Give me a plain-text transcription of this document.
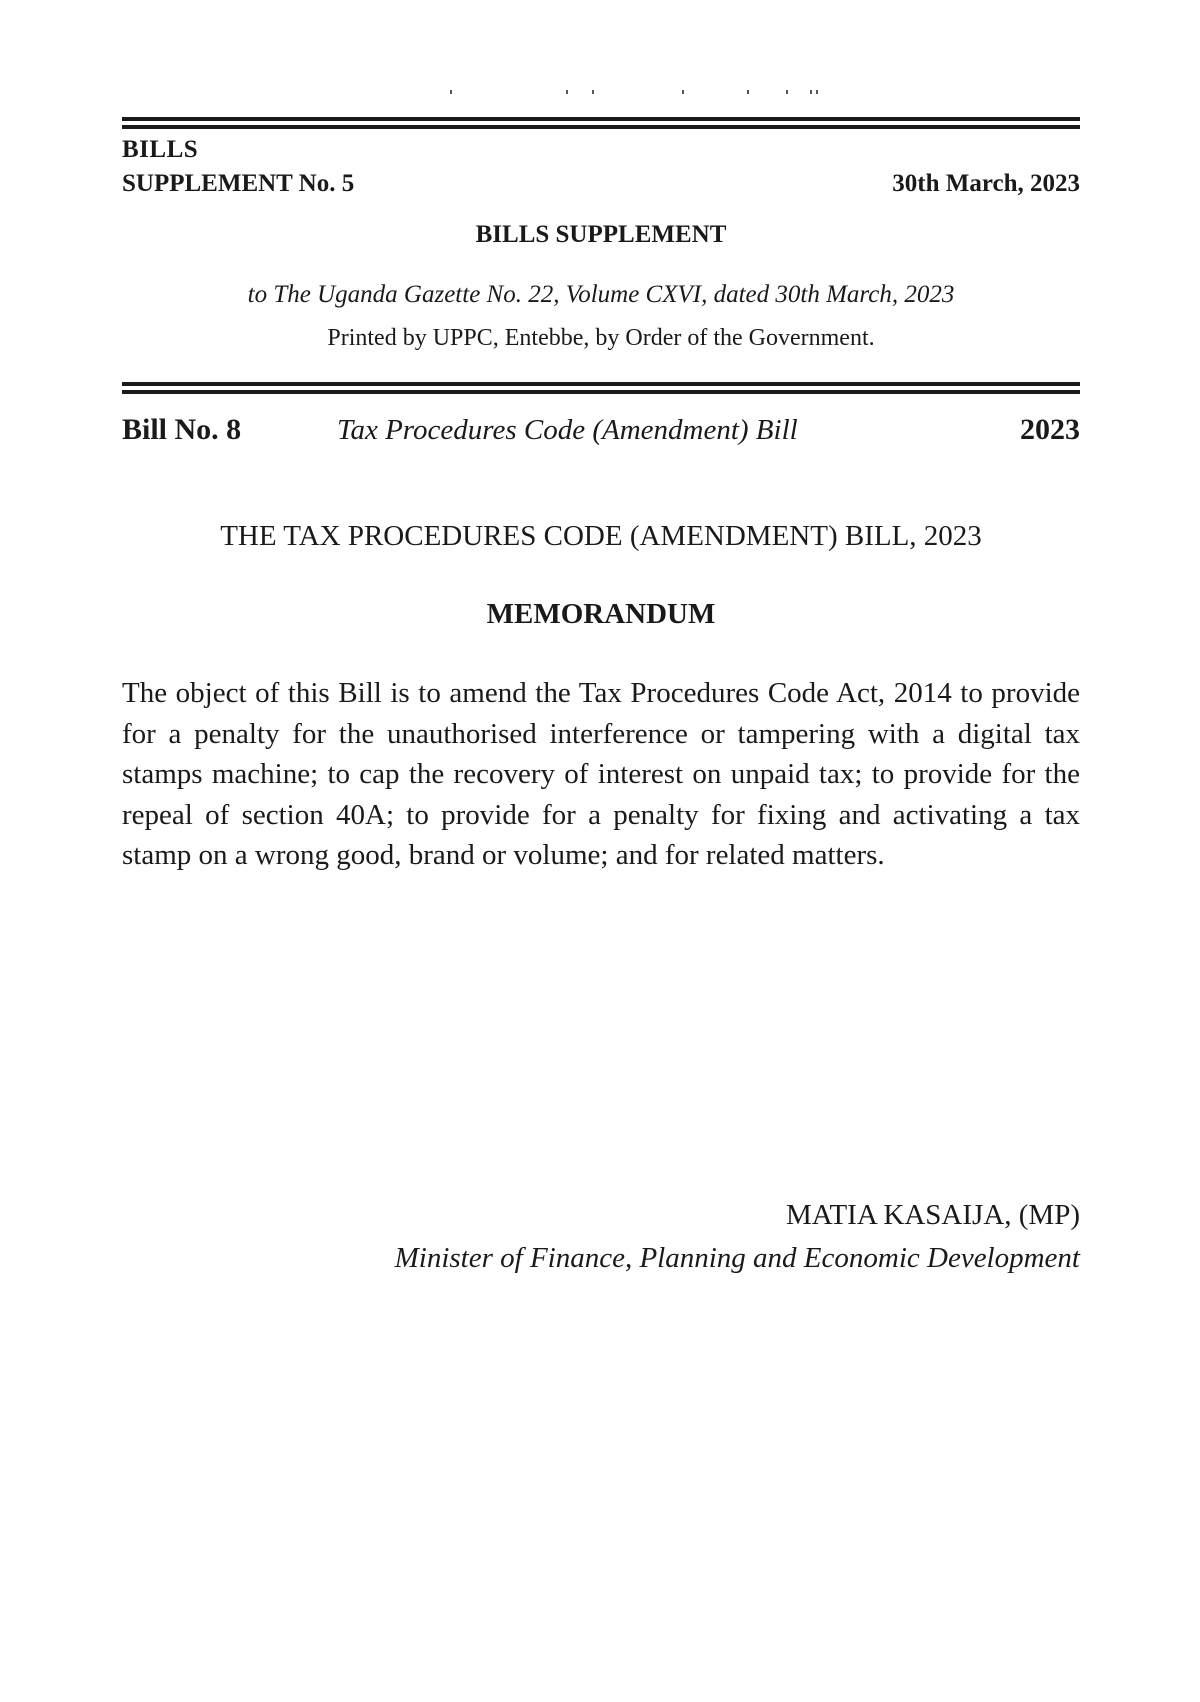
BILLS
SUPPLEMENT No. 5	30th March, 2023
BILLS SUPPLEMENT
to The Uganda Gazette No. 22, Volume CXVI, dated 30th March, 2023
Printed by UPPC, Entebbe, by Order of the Government.
Bill No. 8	Tax Procedures Code (Amendment) Bill	2023
THE TAX PROCEDURES CODE (AMENDMENT) BILL, 2023
MEMORANDUM

The object of this Bill is to amend the Tax Procedures Code Act, 2014 to provide for a penalty for the unauthorised interference or tampering with a digital tax stamps machine; to cap the recovery of interest on unpaid tax; to provide for the repeal of section 40A; to provide for a penalty for fixing and activating a tax stamp on a wrong good, brand or volume; and for related matters.

MATIA KASAIJA, (MP)
Minister of Finance, Planning and Economic Development
